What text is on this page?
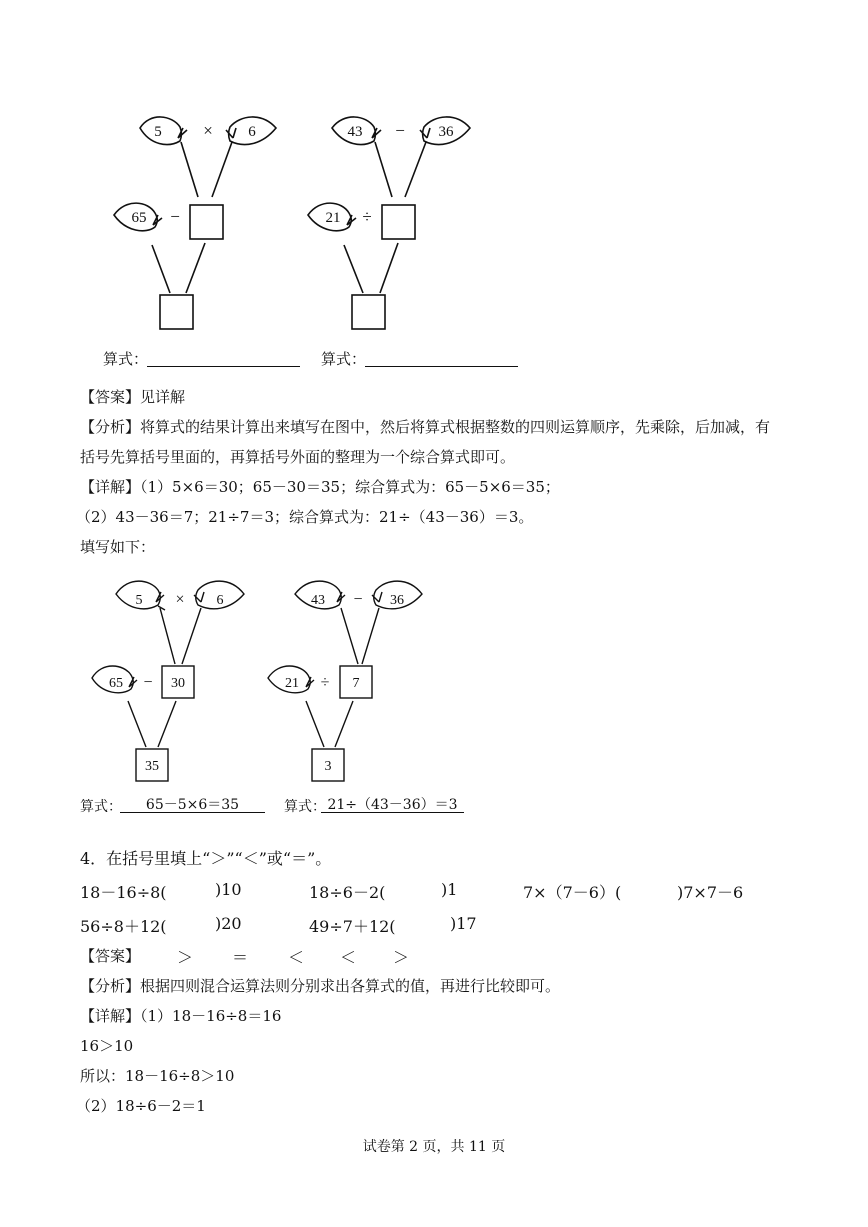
5 × 6
65 −
43 − 36
21 ÷
算式：	算式：
【答案】见详解
【分析】将算式的结果计算出来填写在图中，然后将算式根据整数的四则运算顺序，先乘除，后加减，有
括号先算括号里面的，再算括号外面的整理为一个综合算式即可。
【详解】（1）5×6＝30；65－30＝35；综合算式为：65－5×6＝35；
（2）43－36＝7；21÷7＝3；综合算式为：21÷（43－36）＝3。
填写如下：
5 × 6
65 − 30
35
43 − 36
21 ÷ 7
3
算式：	65－5×6＝35	算式： 21÷（43－36）＝3
4．在括号里填上“＞”“＜”或“＝”。
18－16÷8(	)10	18÷6－2(	)1	7×（7－6）(	)7×7－6
56÷8＋12(	)20	49÷7＋12(	)17
【答案】 ＞ ＝ ＜ ＜ ＞
【分析】根据四则混合运算法则分别求出各算式的值，再进行比较即可。
【详解】（1）18－16÷8＝16
16＞10
所以：18－16÷8＞10
（2）18÷6－2＝1
试卷第 2 页，共 11 页
